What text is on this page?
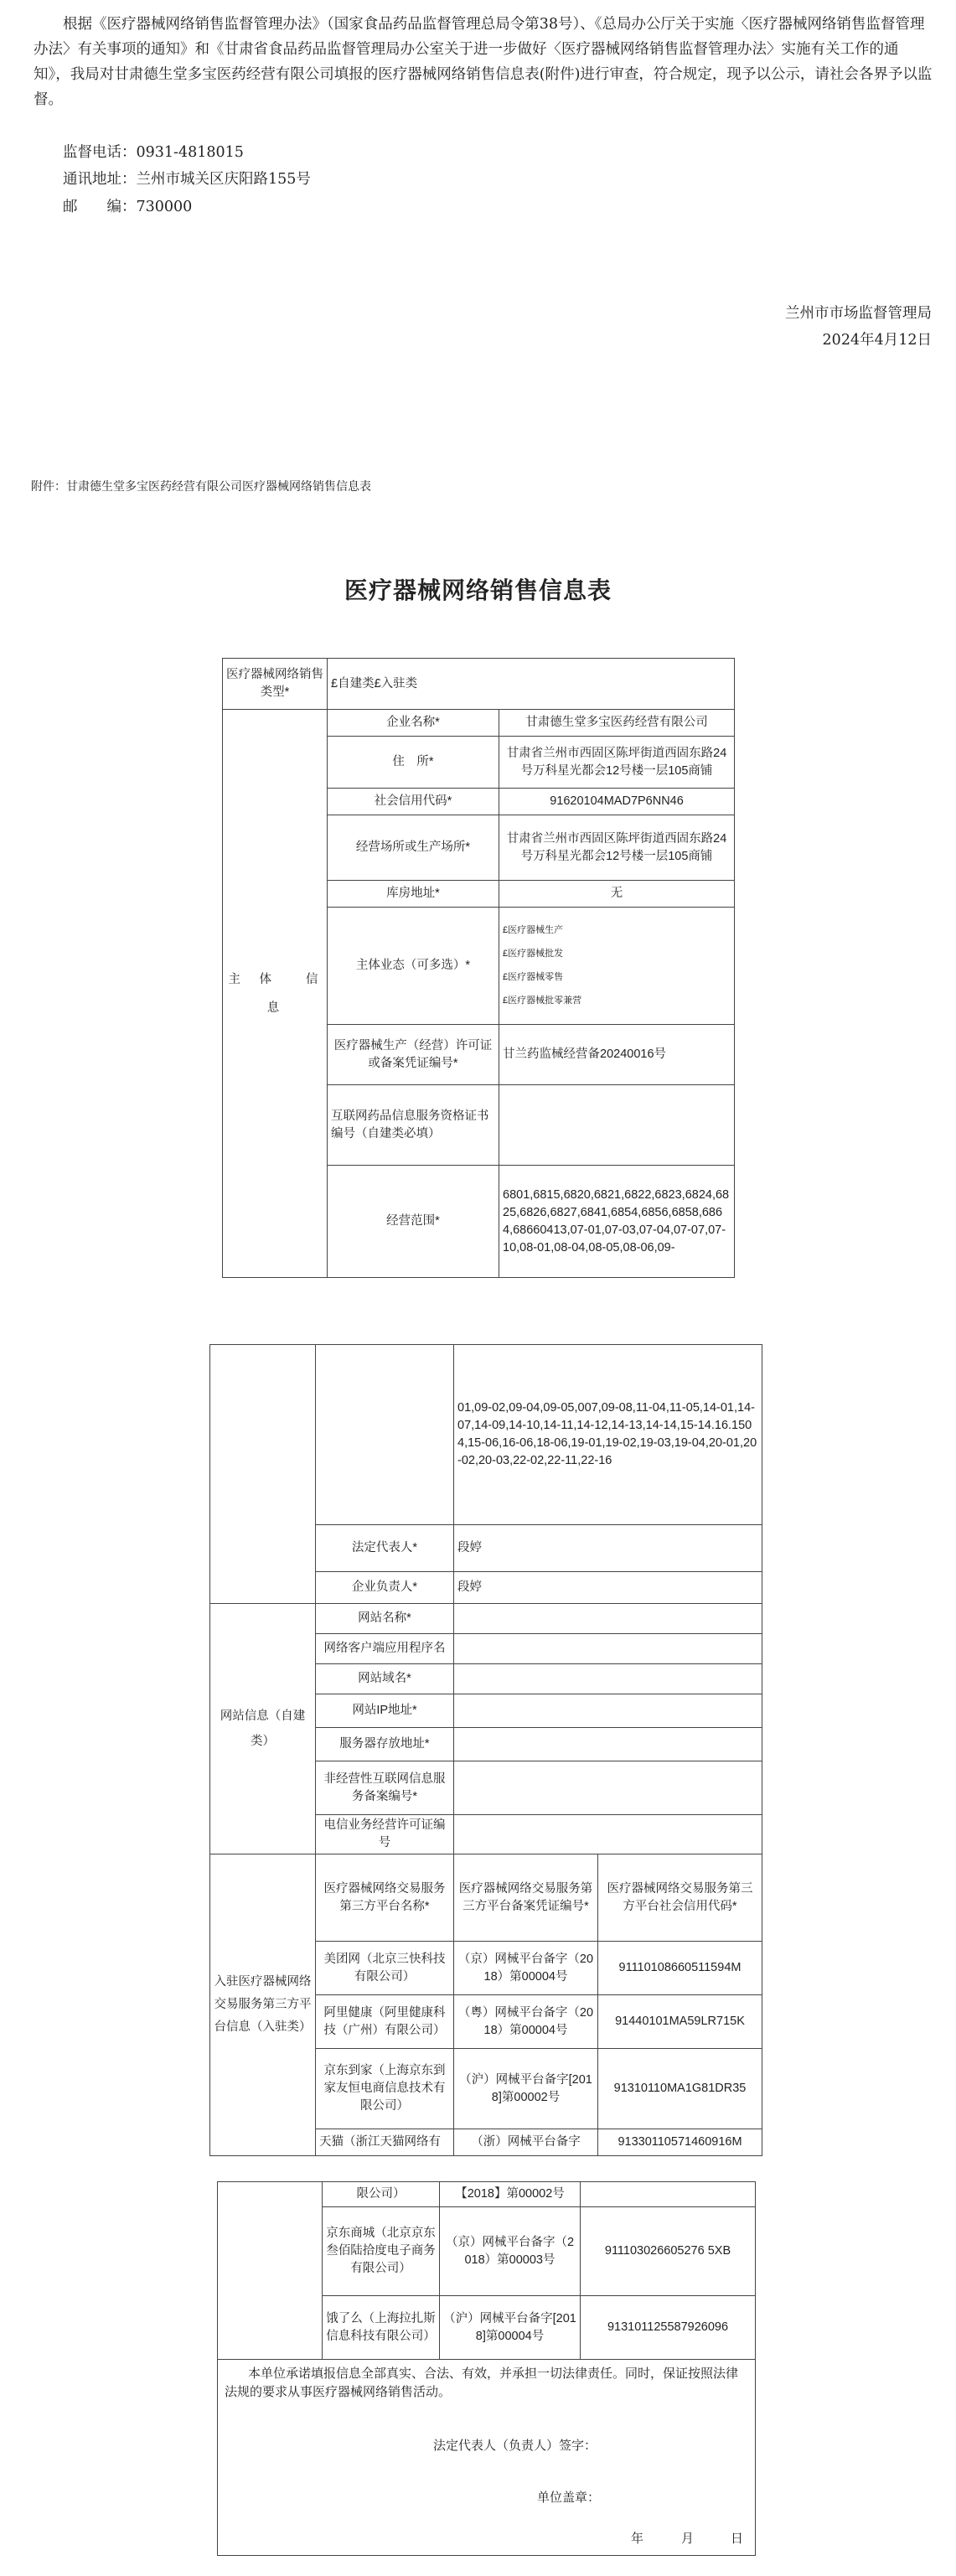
根据《医疗器械网络销售监督管理办法》（国家食品药品监督管理总局令第38号）、《总局办公厅关于实施〈医疗器械网络销售监督管理办法〉有关事项的通知》和《甘肃省食品药品监督管理局办公室关于进一步做好〈医疗器械网络销售监督管理办法〉实施有关工作的通知》，我局对甘肃德生堂多宝医药经营有限公司填报的医疗器械网络销售信息表(附件)进行审查，符合规定，现予以公示，请社会各界予以监督。

监督电话：0931-4818015

通讯地址：兰州市城关区庆阳路155号

邮　　编：730000

兰州市市场监督管理局

2024年4月12日

附件：甘肃德生堂多宝医药经营有限公司医疗器械网络销售信息表

医疗器械网络销售信息表
医疗器械网络销售类型*	£自建类£入驻类	
主　体　　信　息	企业名称*	甘肃德生堂多宝医药经营有限公司
	住　所*	甘肃省兰州市西固区陈坪街道西固东路24号万科星光都会12号楼一层105商铺
	社会信用代码*	91620104MAD7P6NN46
	经营场所或生产场所*	甘肃省兰州市西固区陈坪街道西固东路24号万科星光都会12号楼一层105商铺
	库房地址*	无
	主体业态（可多选）*	£医疗器械生产
£医疗器械批发
£医疗器械零售
£医疗器械批零兼营

	医疗器械生产（经营）许可证或备案凭证编号*	甘兰药监械经营备20240016号
	互联网药品信息服务资格证书编号（自建类必填）	
	经营范围*	6801,6815,6820,6821,6822,6823,6824,6825,6826,6827,6841,6854,6856,6858,6864,68660413,07-01,07-03,07-04,07-07,07-10,08-01,08-04,08-05,08-06,09-
		01,09-02,09-04,09-05,007,09-08,11-04,11-05,14-01,14-07,14-09,14-10,14-11,14-12,14-13,14-14,15-14.16.1504,15-06,16-06,18-06,19-01,19-02,19-03,19-04,20-01,20-02,20-03,22-02,22-11,22-16	
	法定代表人*	段婷	
	企业负责人*	段婷	
网站信息（自建类）	网站名称*		
	网络客户端应用程序名		
	网站域名*		
	网站IP地址*		
	服务器存放地址*		
	非经营性互联网信息服务备案编号*		
	电信业务经营许可证编号		
入驻医疗器械网络交易服务第三方平台信息（入驻类）	医疗器械网络交易服务第三方平台名称*	医疗器械网络交易服务第三方平台备案凭证编号*	医疗器械网络交易服务第三方平台社会信用代码*
	美团网（北京三快科技有限公司）	（京）网械平台备字（2018）第00004号	91110108660511594M
	阿里健康（阿里健康科技（广州）有限公司）	（粤）网械平台备字（2018）第00004号	91440101MA59LR715K
	京东到家（上海京东到家友恒电商信息技术有限公司）	（沪）网械平台备字[2018]第00002号	91310110MA1G81DR35
	天猫（浙江天猫网络有	（浙）网械平台备字	91330110571460916M
	限公司）	【2018】第00002号	
	京东商城（北京京东叁佰陆拾度电子商务有限公司）	（京）网械平台备字（2018）第00003号	911103026605276 5XB
	饿了么（上海拉扎斯信息科技有限公司）	（沪）网械平台备字[2018]第00004号	913101125587926096

本单位承诺填报信息全部真实、合法、有效，并承担一切法律责任。同时，保证按照法律法规的要求从事医疗器械网络销售活动。			
法定代表人（负责人）签字：
单位盖章：
年	月	日
